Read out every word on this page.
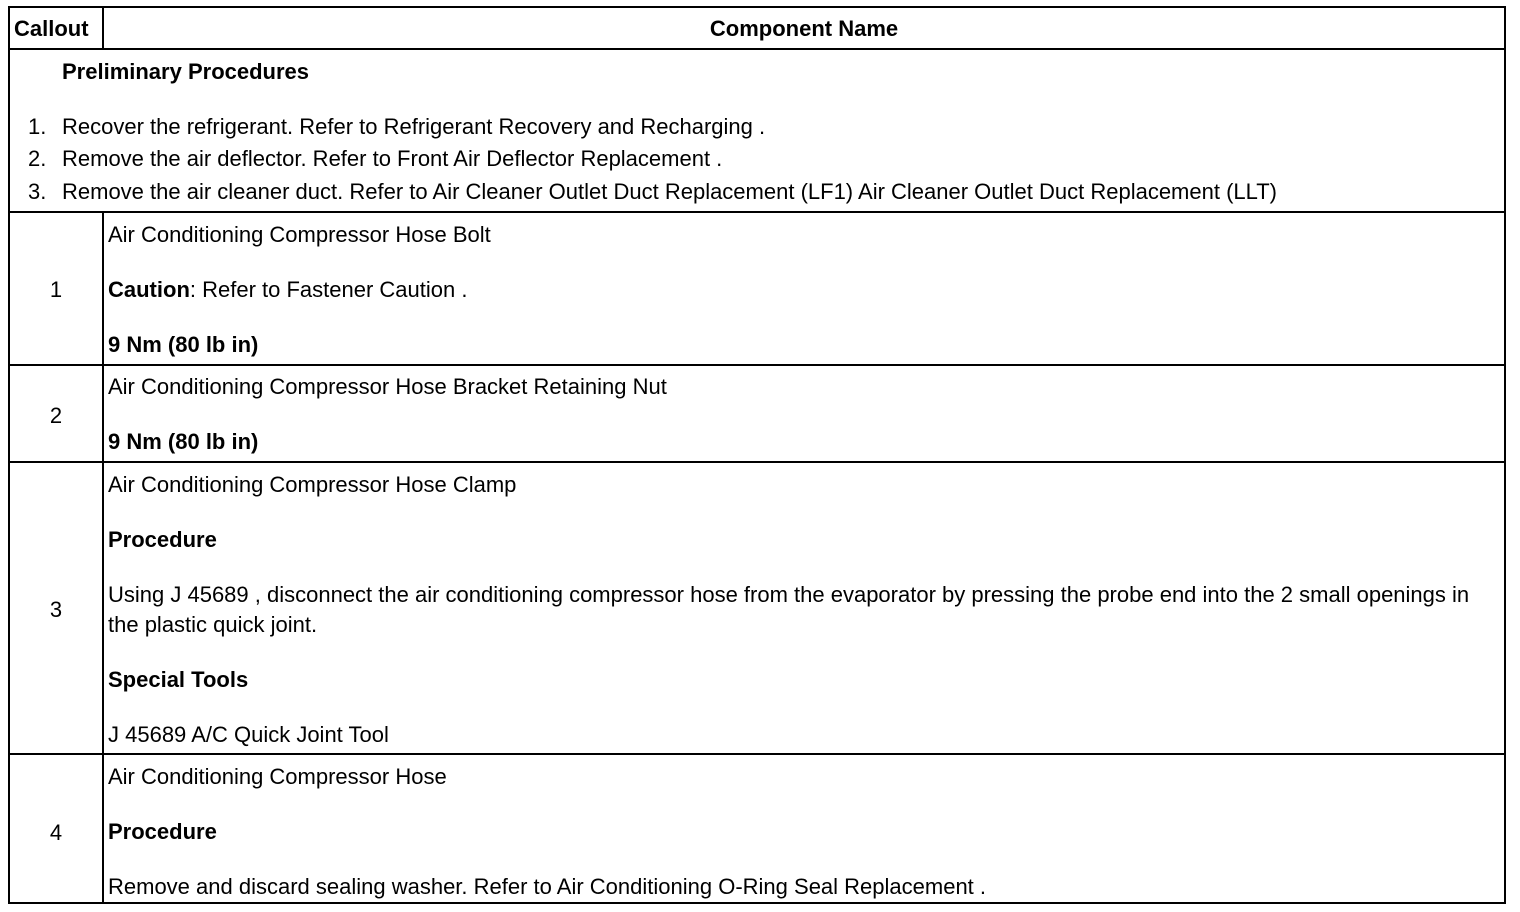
Callout	Component Name
Preliminary Procedures
1. Recover the refrigerant. Refer to Refrigerant Recovery and Recharging .
2. Remove the air deflector. Refer to Front Air Deflector Replacement .
3. Remove the air cleaner duct. Refer to Air Cleaner Outlet Duct Replacement (LF1) Air Cleaner Outlet Duct Replacement (LLT)
1
Air Conditioning Compressor Hose Bolt
Caution: Refer to Fastener Caution .
9 Nm (80 lb in)
2
Air Conditioning Compressor Hose Bracket Retaining Nut
9 Nm (80 lb in)
3
Air Conditioning Compressor Hose Clamp
Procedure
Using J 45689 , disconnect the air conditioning compressor hose from the evaporator by pressing the probe end into the 2 small openings in the plastic quick joint.
Special Tools
J 45689 A/C Quick Joint Tool
4
Air Conditioning Compressor Hose
Procedure
Remove and discard sealing washer. Refer to Air Conditioning O-Ring Seal Replacement .
